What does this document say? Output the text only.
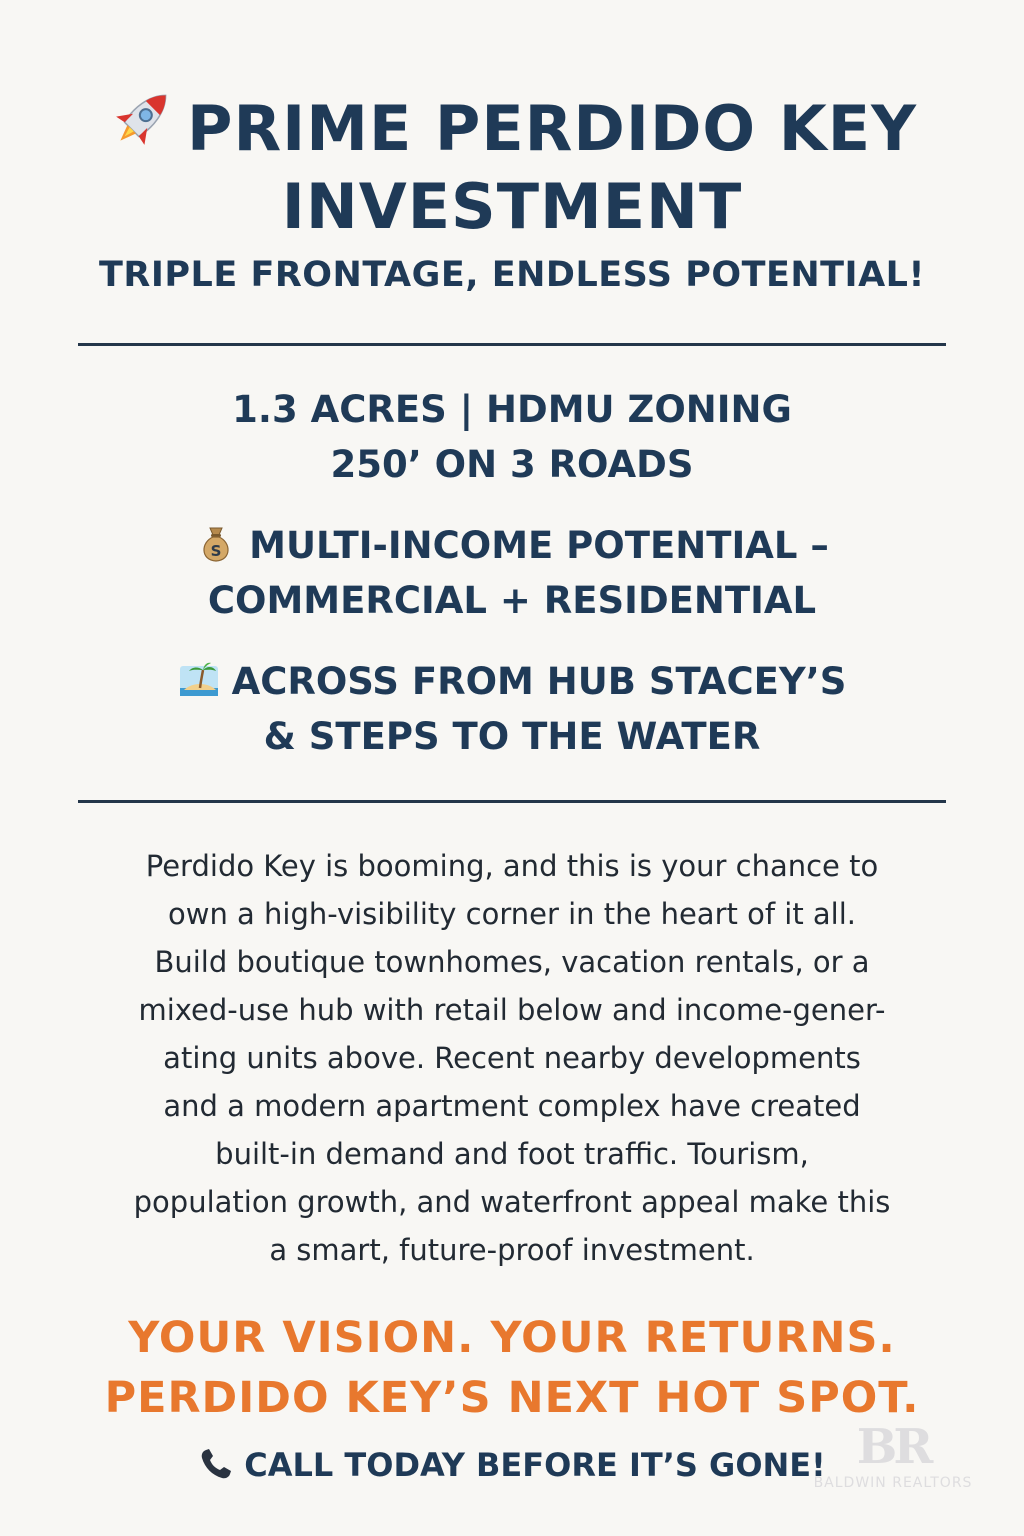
PRIME PERDIDO KEY
INVESTMENT
TRIPLE FRONTAGE, ENDLESS POTENTIAL!
1.3 ACRES | HDMU ZONING
250’ ON 3 ROADS
S MULTI-INCOME POTENTIAL –
COMMERCIAL + RESIDENTIAL
ACROSS FROM HUB STACEY’S
& STEPS TO THE WATER
Perdido Key is booming, and this is your chance to
own a high-visibility corner in the heart of it all.
Build boutique townhomes, vacation rentals, or a
mixed-use hub with retail below and income-gener-
ating units above. Recent nearby developments
and a modern apartment complex have created
built-in demand and foot traffic. Tourism,
population growth, and waterfront appeal make this
a smart, future-proof investment.
YOUR VISION. YOUR RETURNS.
PERDIDO KEY’S NEXT HOT SPOT.
CALL TODAY BEFORE IT’S GONE! BR
BALDWIN REALTORS
